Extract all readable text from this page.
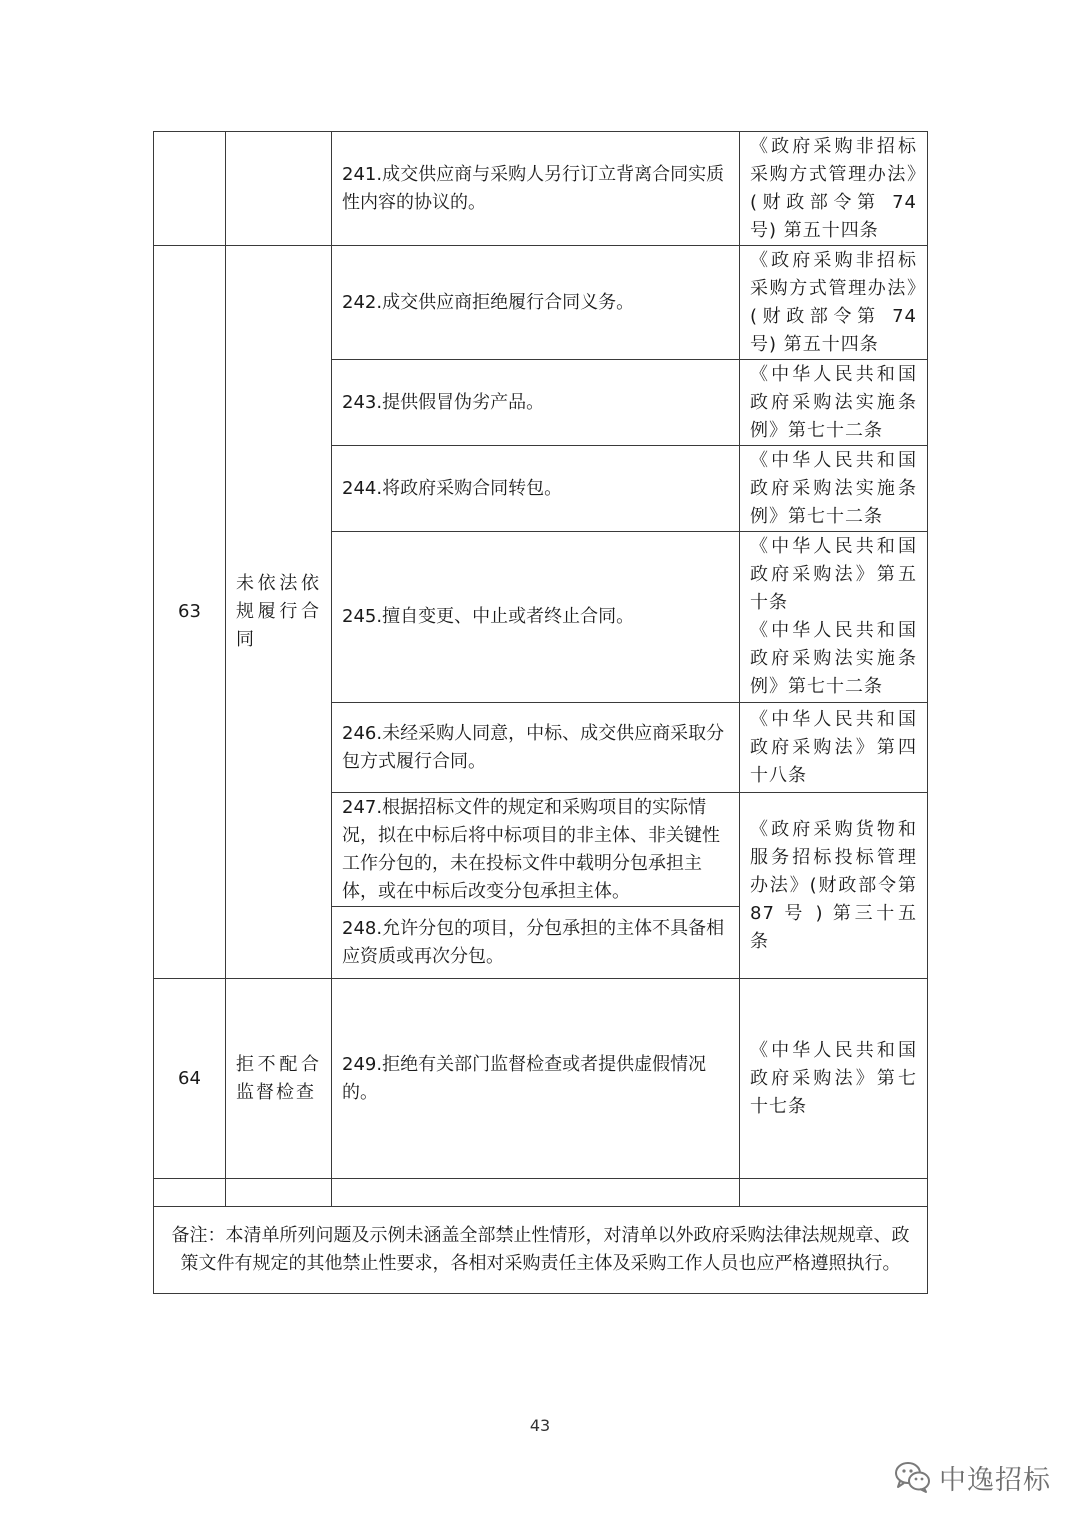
		241.成交供应商与采购人另行订立背离合同实质性内容的协议的。	《政府采购非招标采购方式管理办法》(财政部令第 74 号) 第五十四条

63	未依法依规履行合同	242.成交供应商拒绝履行合同义务。	《政府采购非招标采购方式管理办法》(财政部令第 74 号) 第五十四条

		243.提供假冒伪劣产品。	《中华人民共和国政府采购法实施条例》第七十二条

		244.将政府采购合同转包。	《中华人民共和国政府采购法实施条例》第七十二条

		245.擅自变更、中止或者终止合同。	《中华人民共和国政府采购法》第五十条
《中华人民共和国政府采购法实施条例》第七十二条

		246.未经采购人同意，中标、成交供应商采取分包方式履行合同。	《中华人民共和国政府采购法》第四十八条

		247.根据招标文件的规定和采购项目的实际情况，拟在中标后将中标项目的非主体、非关键性工作分包的，未在投标文件中载明分包承担主体，或在中标后改变分包承担主体。	《政府采购货物和服务招标投标管理办法》(财政部令第 87 号 ) 第三十五条

		248.允许分包的项目，分包承担的主体不具备相应资质或再次分包。	
64	拒不配合监督检查	249.拒绝有关部门监督检查或者提供虚假情况的。	《中华人民共和国政府采购法》第七十七条

备注：本清单所列问题及示例未涵盖全部禁止性情形，对清单以外政府采购法律法规规章、政策文件有规定的其他禁止性要求，各相对采购责任主体及采购工作人员也应严格遵照执行。			
43
中逸招标
